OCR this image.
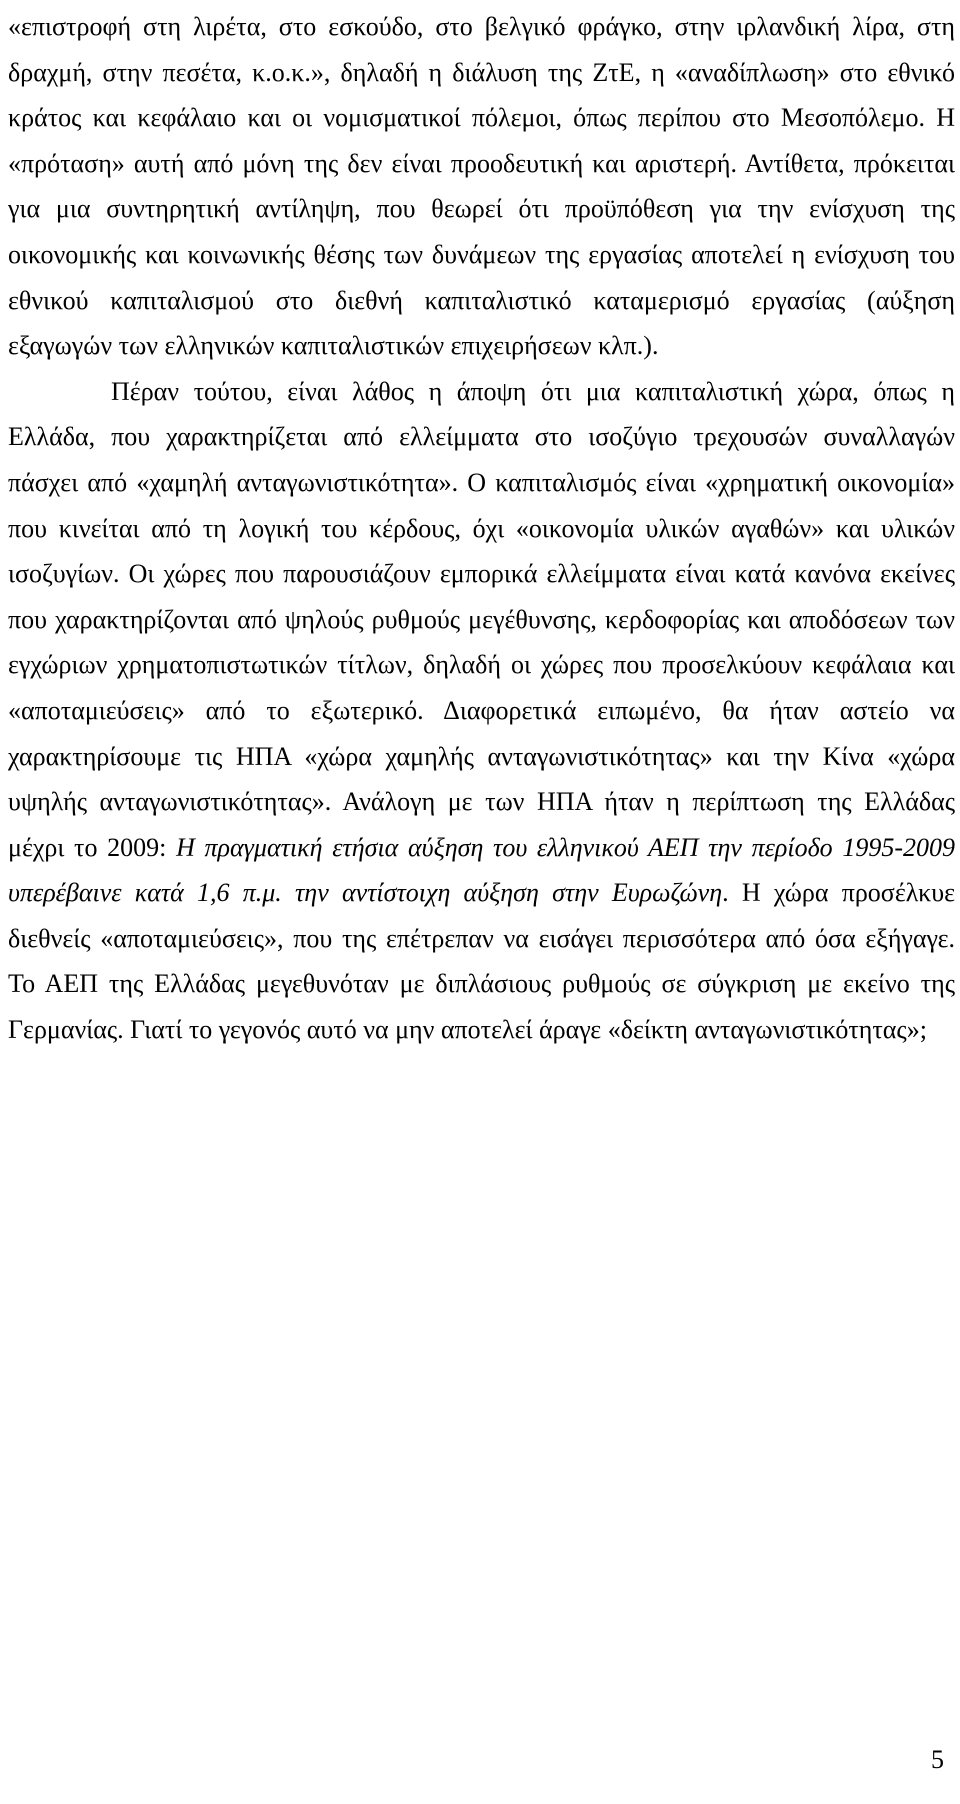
«επιστροφή στη λιρέτα, στο εσκούδο, στο βελγικό φράγκο, στην ιρλανδική λίρα, στη δραχμή, στην πεσέτα, κ.ο.κ.», δηλαδή η διάλυση της ΖτΕ, η «αναδίπλωση» στο εθνικό κράτος και κεφάλαιο και οι νομισματικοί πόλεμοι, όπως περίπου στο Μεσοπόλεμο. Η «πρόταση» αυτή από μόνη της δεν είναι προοδευτική και αριστερή. Αντίθετα, πρόκειται για μια συντηρητική αντίληψη, που θεωρεί ότι προϋπόθεση για την ενίσχυση της οικονομικής και κοινωνικής θέσης των δυνάμεων της εργασίας αποτελεί η ενίσχυση του εθνικού καπιταλισμού στο διεθνή καπιταλιστικό καταμερισμό εργασίας (αύξηση εξαγωγών των ελληνικών καπιταλιστικών επιχειρήσεων κλπ.).

Πέραν τούτου, είναι λάθος η άποψη ότι μια καπιταλιστική χώρα, όπως η Ελλάδα, που χαρακτηρίζεται από ελλείμματα στο ισοζύγιο τρεχουσών συναλλαγών πάσχει από «χαμηλή ανταγωνιστικότητα». Ο καπιταλισμός είναι «χρηματική οικονομία» που κινείται από τη λογική του κέρδους, όχι «οικονομία υλικών αγαθών» και υλικών ισοζυγίων. Οι χώρες που παρουσιάζουν εμπορικά ελλείμματα είναι κατά κανόνα εκείνες που χαρακτηρίζονται από ψηλούς ρυθμούς μεγέθυνσης, κερδοφορίας και αποδόσεων των εγχώριων χρηματοπιστωτικών τίτλων, δηλαδή οι χώρες που προσελκύουν κεφάλαια και «αποταμιεύσεις» από το εξωτερικό. Διαφορετικά ειπωμένο, θα ήταν αστείο να χαρακτηρίσουμε τις ΗΠΑ «χώρα χαμηλής ανταγωνιστικότητας» και την Κίνα «χώρα υψηλής ανταγωνιστικότητας». Ανάλογη με των ΗΠΑ ήταν η περίπτωση της Ελλάδας μέχρι το 2009: Η πραγματική ετήσια αύξηση του ελληνικού ΑΕΠ την περίοδο 1995-2009 υπερέβαινε κατά 1,6 π.μ. την αντίστοιχη αύξηση στην Ευρωζώνη. Η χώρα προσέλκυε διεθνείς «αποταμιεύσεις», που της επέτρεπαν να εισάγει περισσότερα από όσα εξήγαγε. Το ΑΕΠ της Ελλάδας μεγεθυνόταν με διπλάσιους ρυθμούς σε σύγκριση με εκείνο της Γερμανίας. Γιατί το γεγονός αυτό να μην αποτελεί άραγε «δείκτη ανταγωνιστικότητας»;

5
